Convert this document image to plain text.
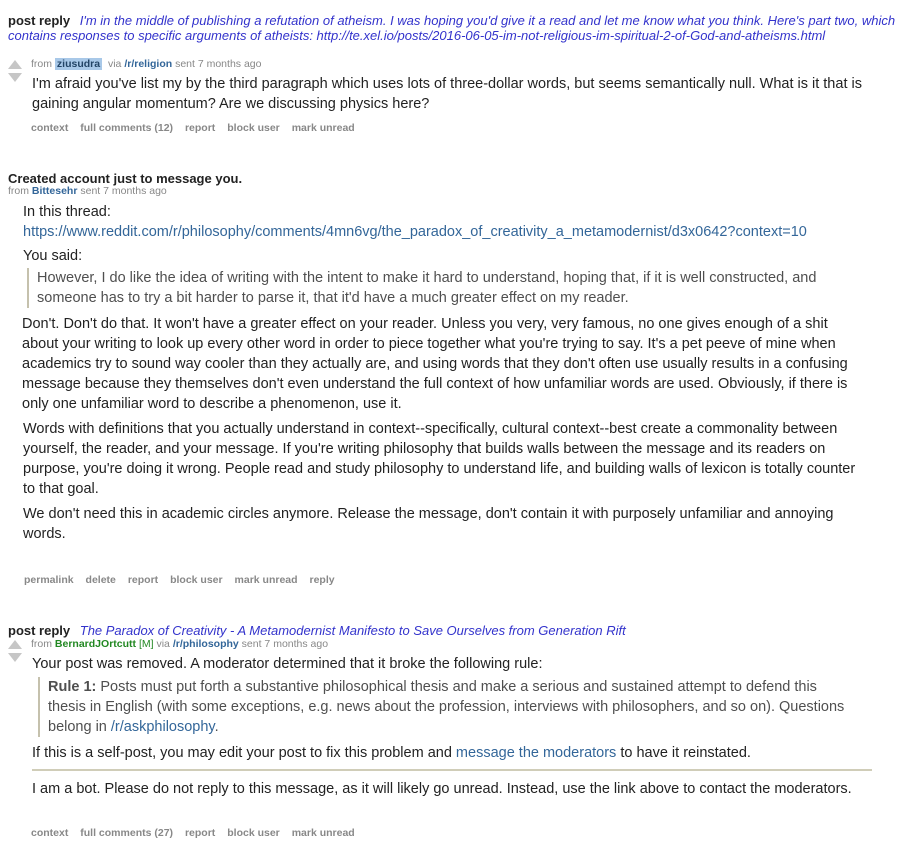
post reply I'm in the middle of publishing a refutation of atheism. I was hoping you'd give it a read and let me know what you think. Here's part two, which contains responses to specific arguments of atheists: http://te.xel.io/posts/2016-06-05-im-not-religious-im-spiritual-2-of-God-and-atheisms.html
from ziusudra via /r/religion sent 7 months ago

I'm afraid you've list my by the third paragraph which uses lots of three-dollar words, but seems semantically null. What is it that is gaining angular momentum? Are we discussing physics here?

context full comments (12) report block user mark unread
Created account just to message you.
from Bittesehr sent 7 months ago

In this thread:

https://www.reddit.com/r/philosophy/comments/4mn6vg/the_paradox_of_creativity_a_metamodernist/d3x0642?context=10

You said:

However, I do like the idea of writing with the intent to make it hard to understand, hoping that, if it is well constructed, and someone has to try a bit harder to parse it, that it'd have a much greater effect on my reader.

Don't. Don't do that. It won't have a greater effect on your reader. Unless you very, very famous, no one gives enough of a shit about your writing to look up every other word in order to piece together what you're trying to say. It's a pet peeve of mine when academics try to sound way cooler than they actually are, and using words that they don't often use usually results in a confusing message because they themselves don't even understand the full context of how unfamiliar words are used. Obviously, if there is only one unfamiliar word to describe a phenomenon, use it.

Words with definitions that you actually understand in context--specifically, cultural context--best create a commonality between yourself, the reader, and your message. If you're writing philosophy that builds walls between the message and its readers on purpose, you're doing it wrong. People read and study philosophy to understand life, and building walls of lexicon is totally counter to that goal.

We don't need this in academic circles anymore. Release the message, don't contain it with purposely unfamiliar and annoying words.

permalink delete report block user mark unread reply
post reply The Paradox of Creativity - A Metamodernist Manifesto to Save Ourselves from Generation Rift
from BernardJOrtcutt [M] via /r/philosophy sent 7 months ago

Your post was removed. A moderator determined that it broke the following rule:

Rule 1: Posts must put forth a substantive philosophical thesis and make a serious and sustained attempt to defend this thesis in English (with some exceptions, e.g. news about the profession, interviews with philosophers, and so on). Questions belong in /r/askphilosophy.

If this is a self-post, you may edit your post to fix this problem and message the moderators to have it reinstated.

I am a bot. Please do not reply to this message, as it will likely go unread. Instead, use the link above to contact the moderators.

context full comments (27) report block user mark unread
